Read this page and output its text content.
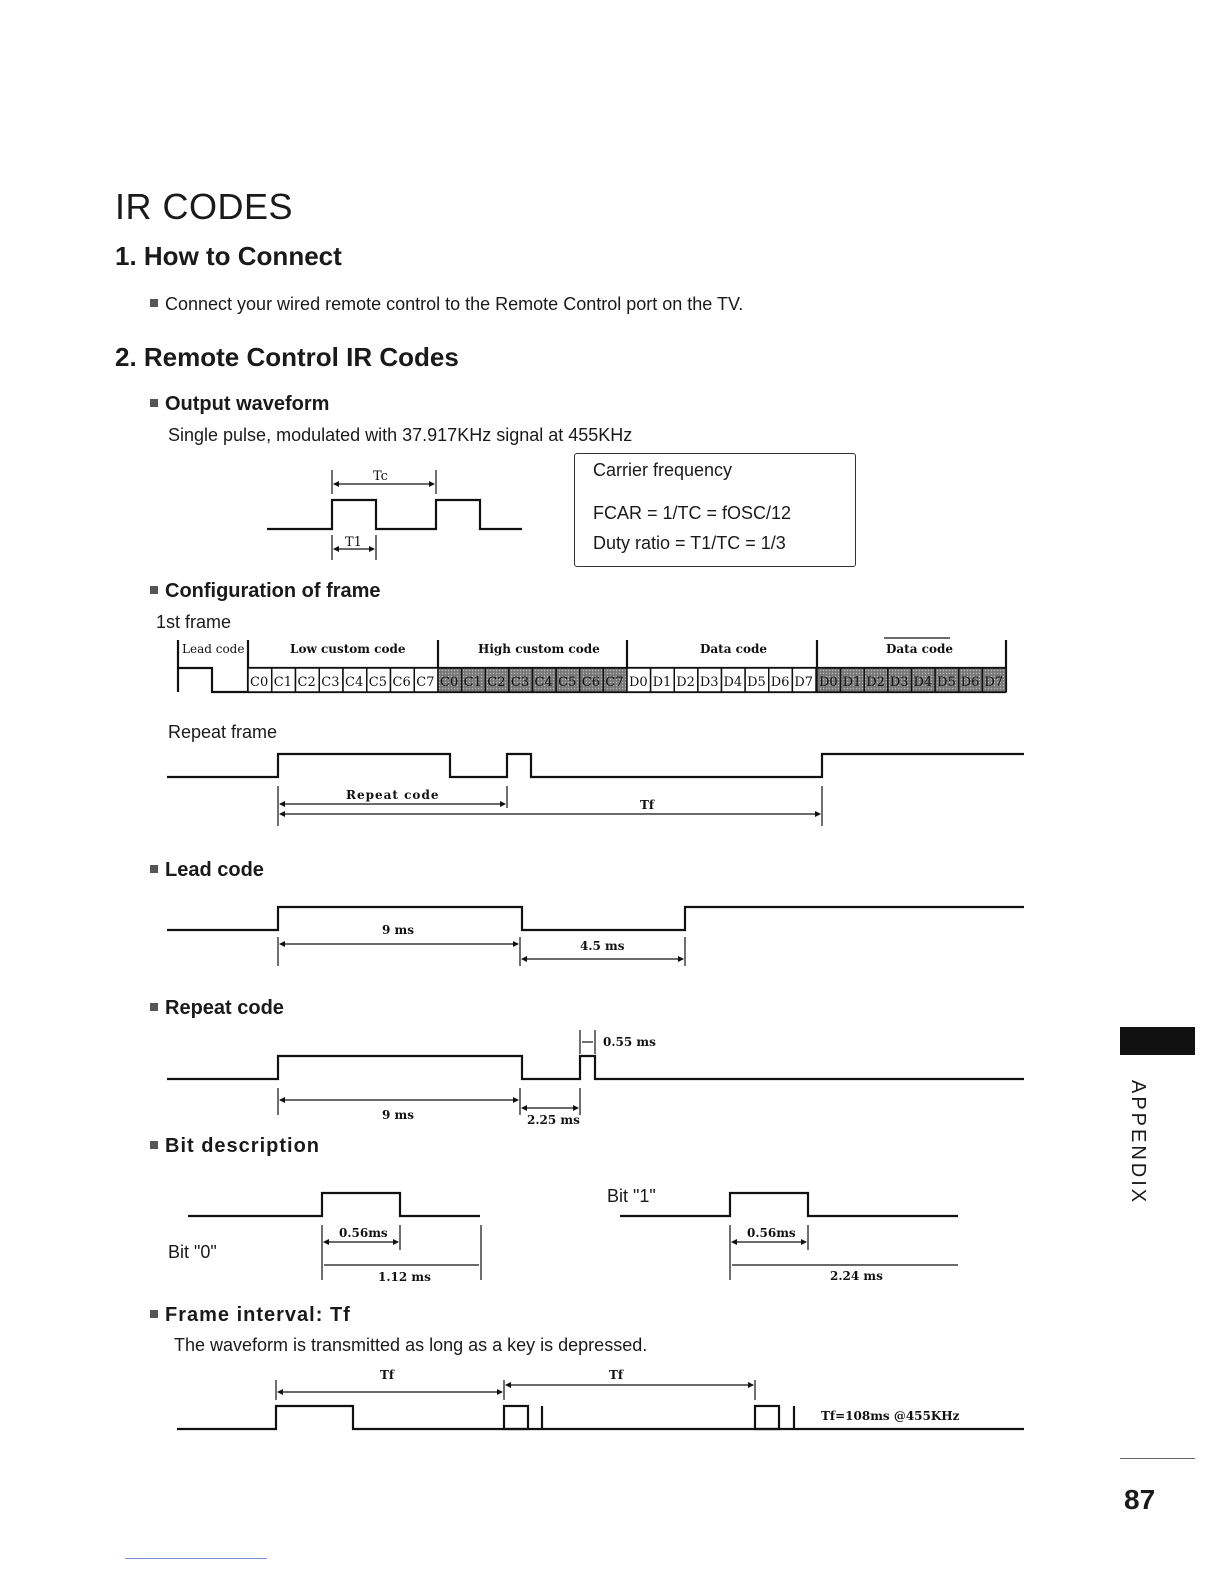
IR CODES
1. How to Connect
Connect your wired remote control to the Remote Control port on the TV.
2. Remote Control IR Codes
Output waveform
Single pulse, modulated with 37.917KHz signal at 455KHz
Carrier frequency
FCAR = 1/TC = fOSC/12
Duty ratio = T1/TC = 1/3
Configuration of frame
1st frame
Repeat frame
Lead code
Repeat code
Bit description
Bit "0"
Bit "1"
Frame interval: Tf
The waveform is transmitted as long as a key is depressed.
Tc
T1
Lead code	Low custom code	High custom code	Data code	Data code
C0 C1 C2 C3 C4 C5 C6 C7 C0 C1 C2 C3 C4 C5 C6 C7 D0 D1 D2 D3 D4 D5 D6 D7 D0 D1 D2 D3 D4 D5 D6 D7
Repeat code
Tf
9 ms
4.5 ms
0.55 ms
9 ms	2.25 ms
0.56ms
1.12 ms
0.56ms
2.24 ms
Tf	Tf
Tf=108ms @455KHz
APPENDIX
87
